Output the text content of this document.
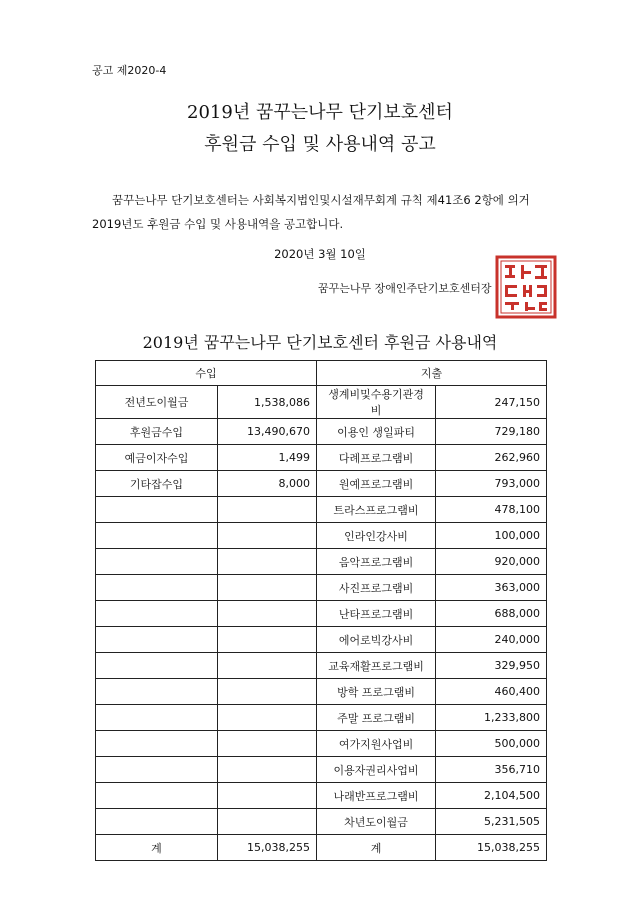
공고 제2020-4
2019년 꿈꾸는나무 단기보호센터
후원금 수입 및 사용내역 공고
꿈꾸는나무 단기보호센터는 사회복지법인및시설재무회계 규칙 제41조6 2항에 의거 2019년도 후원금 수입 및 사용내역을 공고합니다.
2020년 3월 10일
꿈꾸는나무 장애인주단기보호센터장
2019년 꿈꾸는나무 단기보호센터 후원금 사용내역
수입		지출	
전년도이월금	1,538,086	생계비및수용기관경비	247,150
후원금수입	13,490,670	이용인 생일파티	729,180
예금이자수입	1,499	다례프로그램비	262,960
기타잡수입	8,000	원예프로그램비	793,000
		트라스프로그램비	478,100
		인라인강사비	100,000
		음악프로그램비	920,000
		사진프로그램비	363,000
		난타프로그램비	688,000
		에어로빅강사비	240,000
		교육재활프로그램비	329,950
		방학 프로그램비	460,400
		주말 프로그램비	1,233,800
		여가지원사업비	500,000
		이용자권리사업비	356,710
		나래반프로그램비	2,104,500
		차년도이월금	5,231,505
계	15,038,255	계	15,038,255
